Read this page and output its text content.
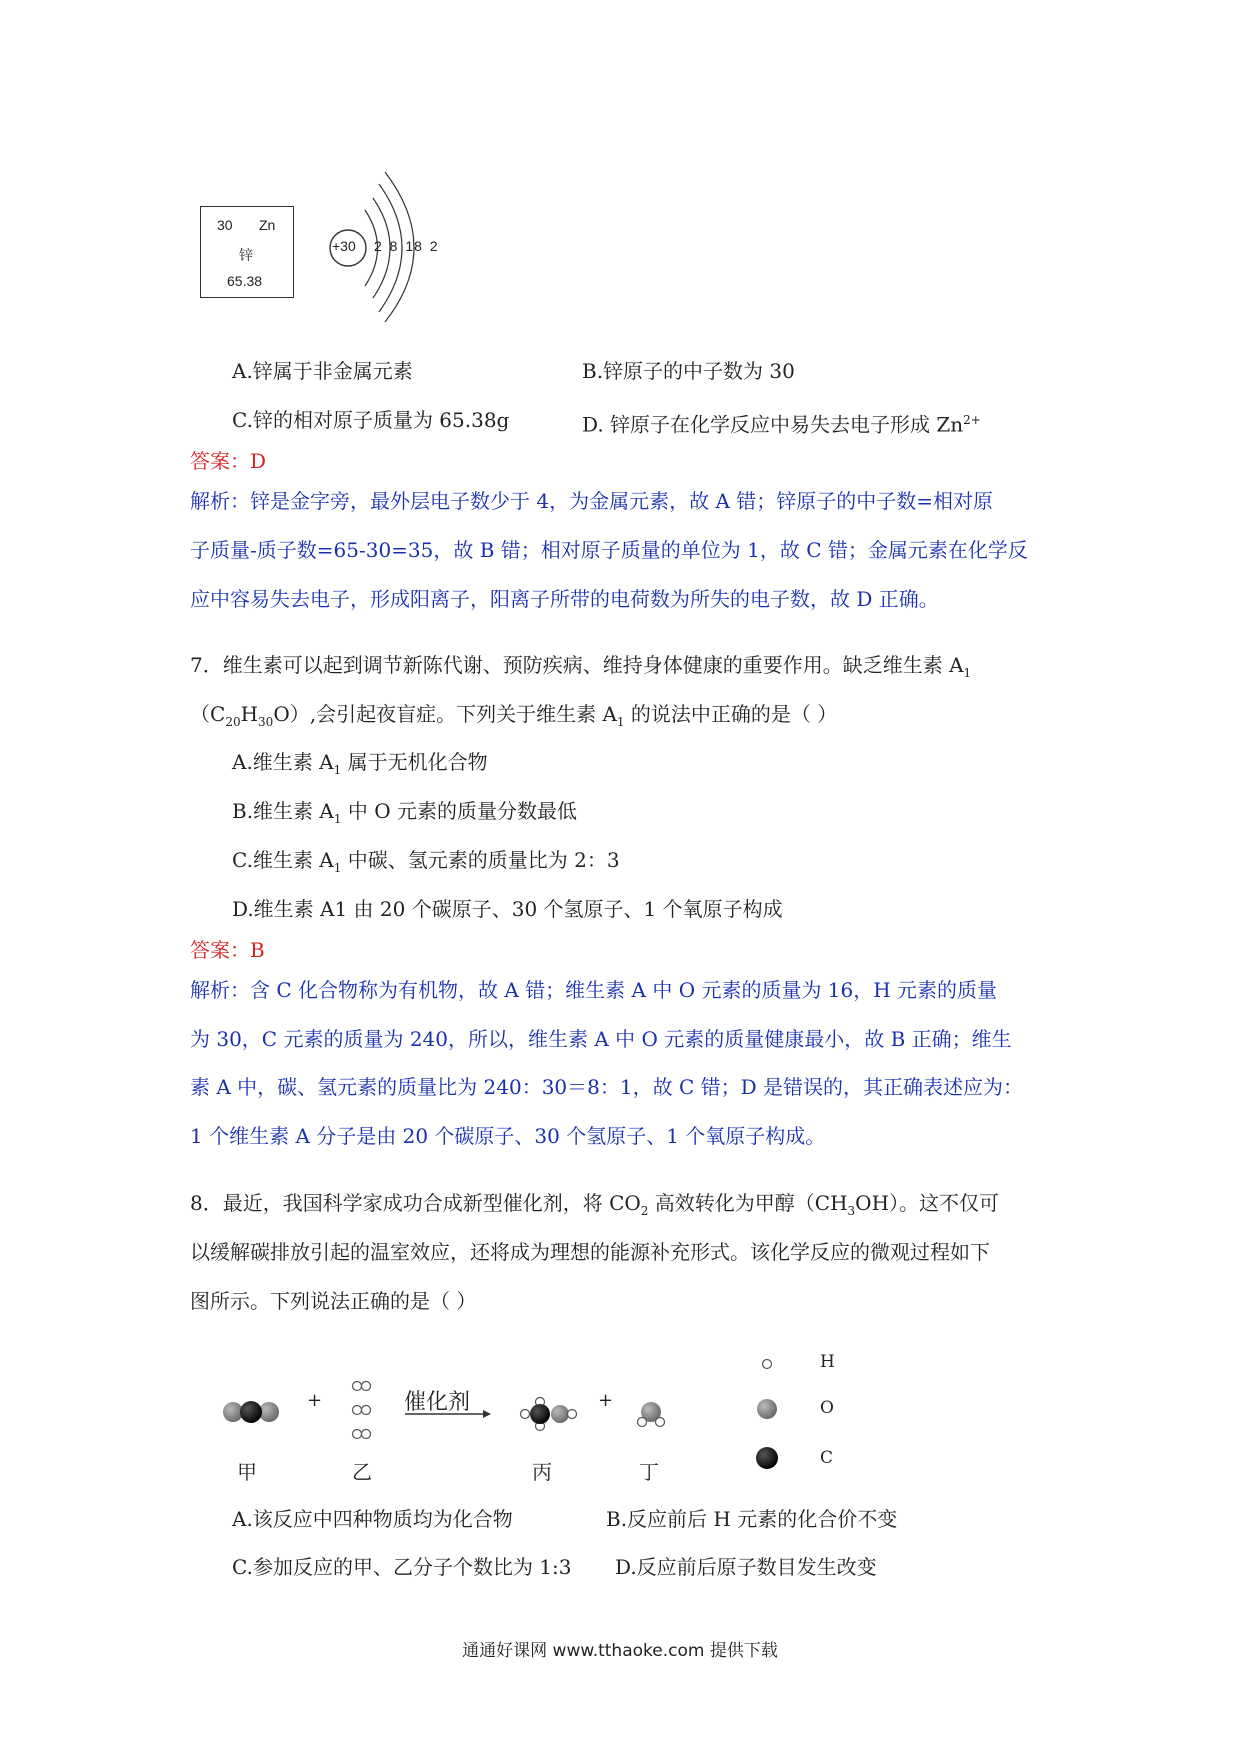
30 Zn
锌
65.38
+30 2 8 18 2
A.锌属于非金属元素	B.锌原子的中子数为 30
C.锌的相对原子质量为 65.38g	D. 锌原子在化学反应中易失去电子形成 $Zn^{2+}$
答案：D
解析：锌是金字旁，最外层电子数少于 4，为金属元素，故 A 错；锌原子的中子数=相对原
子质量-质子数=65-30=35，故 B 错；相对原子质量的单位为 1，故 C 错；金属元素在化学反
应中容易失去电子，形成阳离子，阳离子所带的电荷数为所失的电子数，故 D 正确。
7．维生素可以起到调节新陈代谢、预防疾病、维持身体健康的重要作用。缺乏维生素 $A_1$
$(C_{20}H_{30}O)$,会引起夜盲症。下列关于维生素 $A_1$ 的说法中正确的是（ ）
A.维生素 $A_1$ 属于无机化合物
B.维生素 $A_1$ 中 O 元素的质量分数最低
C.维生素 $A_1$ 中碳、氢元素的质量比为 2：3
D.维生素 A1 由 20 个碳原子、30 个氢原子、1 个氧原子构成
答案：B
解析：含 C 化合物称为有机物，故 A 错；维生素 A 中 O 元素的质量为 16，H 元素的质量
为 30，C 元素的质量为 240，所以，维生素 A 中 O 元素的质量健康最小，故 B 正确；维生
素 A 中，碳、氢元素的质量比为 240：30＝8：1，故 C 错；D 是错误的，其正确表述应为：
1 个维生素 A 分子是由 20 个碳原子、30 个氢原子、1 个氧原子构成。
8．最近，我国科学家成功合成新型催化剂，将 $CO_2$ 高效转化为甲醇$(CH_3OH)$。这不仅可
以缓解碳排放引起的温室效应，还将成为理想的能源补充形式。该化学反应的微观过程如下
图所示。下列说法正确的是（ ）
催化剂
+	+
H
O
C
甲	乙	丙	丁
A.该反应中四种物质均为化合物	B.反应前后 H 元素的化合价不变
C.参加反应的甲、乙分子个数比为 1:3 D.反应前后原子数目发生改变
通通好课网 www.tthaoke.com 提供下载
